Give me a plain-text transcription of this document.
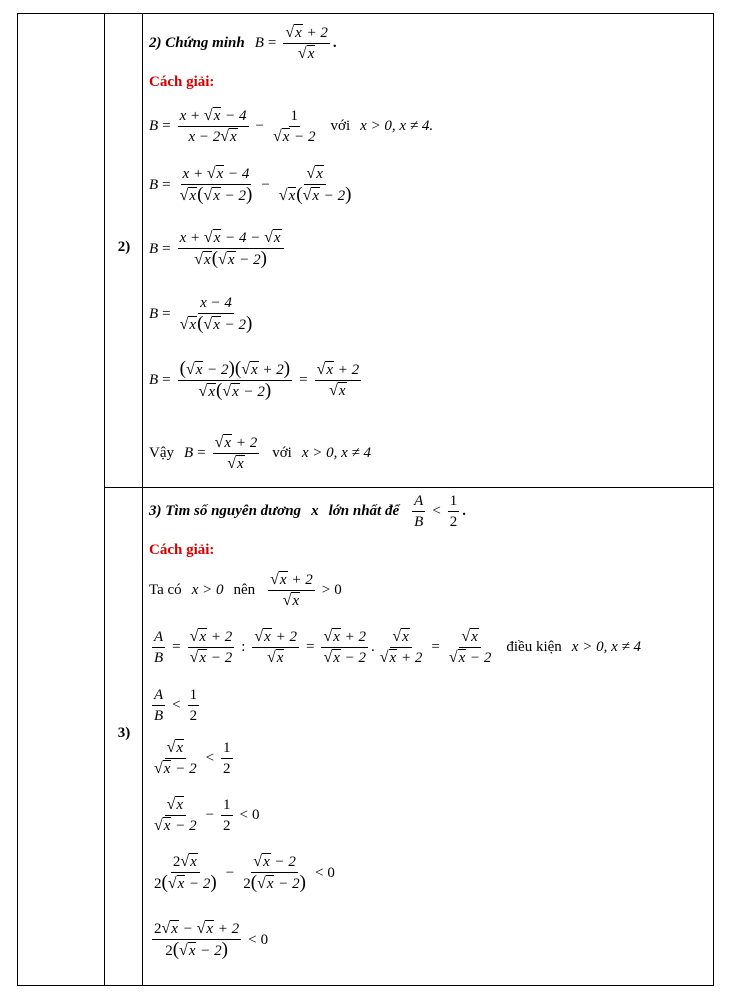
2)
2) Chứng minh $B = \frac{√ x + 2}{√ x}$ .
Cách giải:
$B = \frac{x + √ x - 4}{x - 2 √ x} - \frac{1}{√ x - 2}$ với x > 0, x ≠ 4.
$B = \frac{x + √ x - 4}{√ x ( √ x - 2)} - \frac{√ x}{√ x ( √ x - 2)}$
$B = \frac{x + √ x - 4 - √ x}{√ x ( √ x - 2)}$
$B = \frac{x - 4}{√ x ( √ x - 2)}$
$B = \frac{( √ x - 2)( √ x + 2)}{√ x ( √ x - 2)} = \frac{√ x + 2}{√ x}$
Vậy $B = \frac{√ x + 2}{√ x}$ với x > 0, x ≠ 4
3)
3) Tìm số nguyên dương x lớn nhất để $\frac{A}{B} < \frac{1}{2}$ .
Cách giải:
Ta có x > 0 nên $\frac{√ x + 2}{√ x} > 0$
$\frac{A}{B} = \frac{√ x + 2}{√ x - 2}$ : $\frac{√ x + 2}{√ x} = \frac{√ x + 2}{√ x - 2}$ . $\frac{√ x}{√ x + 2} = \frac{√ x}{√ x - 2}$ điều kiện x > 0, x ≠ 4
$\frac{A}{B} < \frac{1}{2}$
$\frac{√ x}{√ x - 2} < \frac{1}{2}$
$\frac{√ x}{√ x - 2} - \frac{1}{2} < 0$
$\frac{2 √ x}{2( √ x - 2)} - \frac{√ x - 2}{2( √ x - 2)} < 0$
$\frac{2 √ x - √ x + 2}{2( √ x - 2)} < 0$
